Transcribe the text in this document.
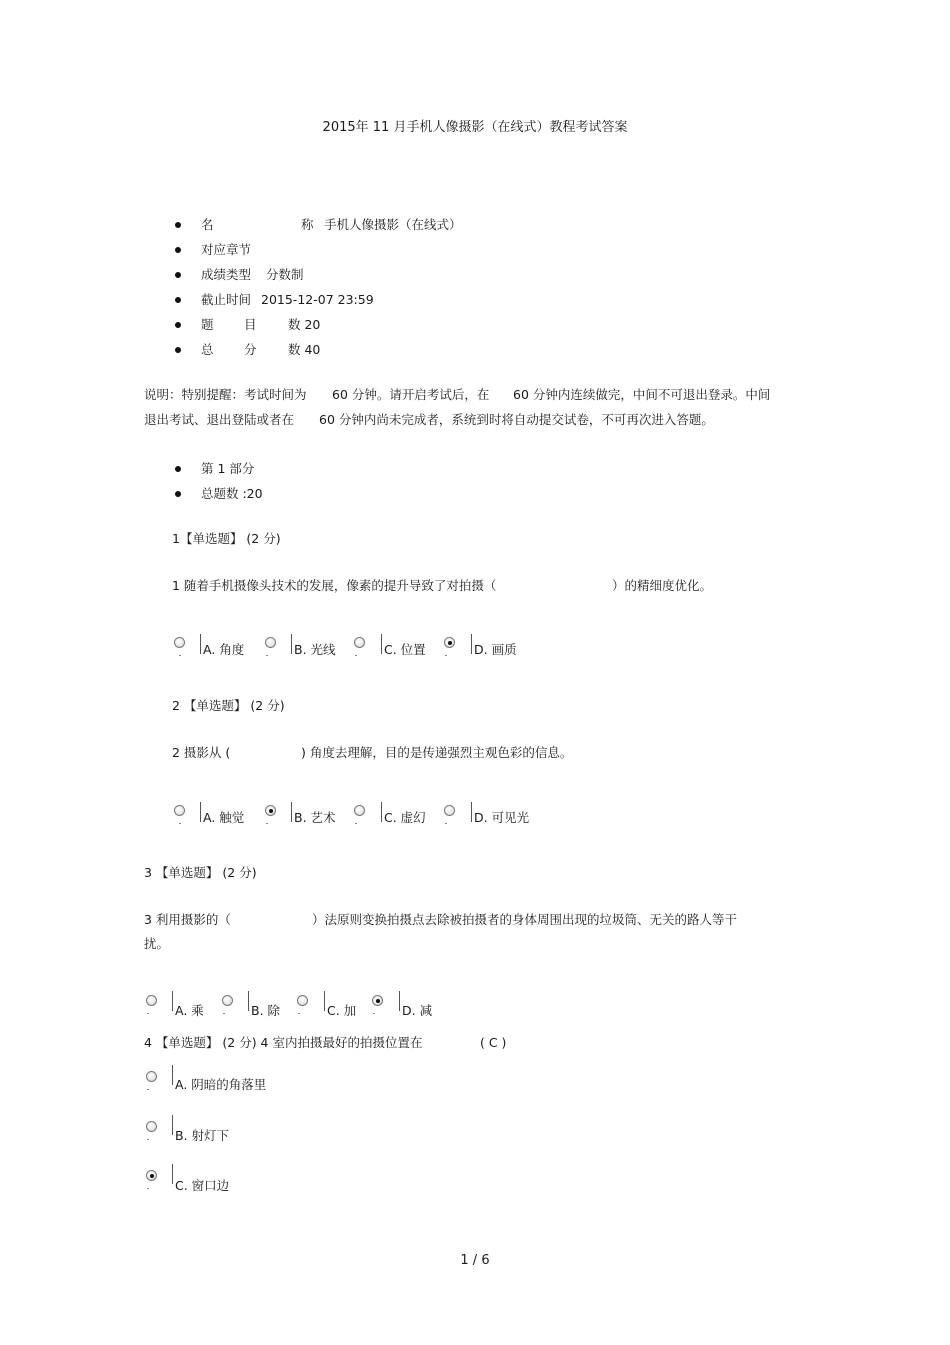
2015年 11 月手机人像摄影（在线式）教程考试答案
名	称 手机人像摄影（在线式）
对应章节
成绩类型 分数制
截止时间 2015-12-07 23:59
题 目	数 20
总 分	数 40
说明：特别提醒：考试时间为 60 分钟。请开启考试后，在 60 分钟内连续做完，中间不可退出登录。中间
退出考试、退出登陆或者在 60 分钟内尚未完成者，系统到时将自动提交试卷，不可再次进入答题。
第 1 部分
总题数 :20
1【单选题】 (2 分)
1 随着手机摄像头技术的发展，像素的提升导致了对拍摄（	）的精细度优化。
A. 角度	B. 光线	C. 位置	D. 画质
2 【单选题】 (2 分)
2 摄影从 (	) 角度去理解，目的是传递强烈主观色彩的信息。
A. 触觉	B. 艺术	C. 虚幻	D. 可见光
3 【单选题】 (2 分)
3 利用摄影的（	）法原则变换拍摄点去除被拍摄者的身体周围出现的垃圾筒、无关的路人等干
扰。
A. 乘	B. 除	C. 加	D. 减
4 【单选题】 (2 分) 4 室内拍摄最好的拍摄位置在	( C )
A. 阴暗的角落里
B. 射灯下
C. 窗口边
1 / 6
